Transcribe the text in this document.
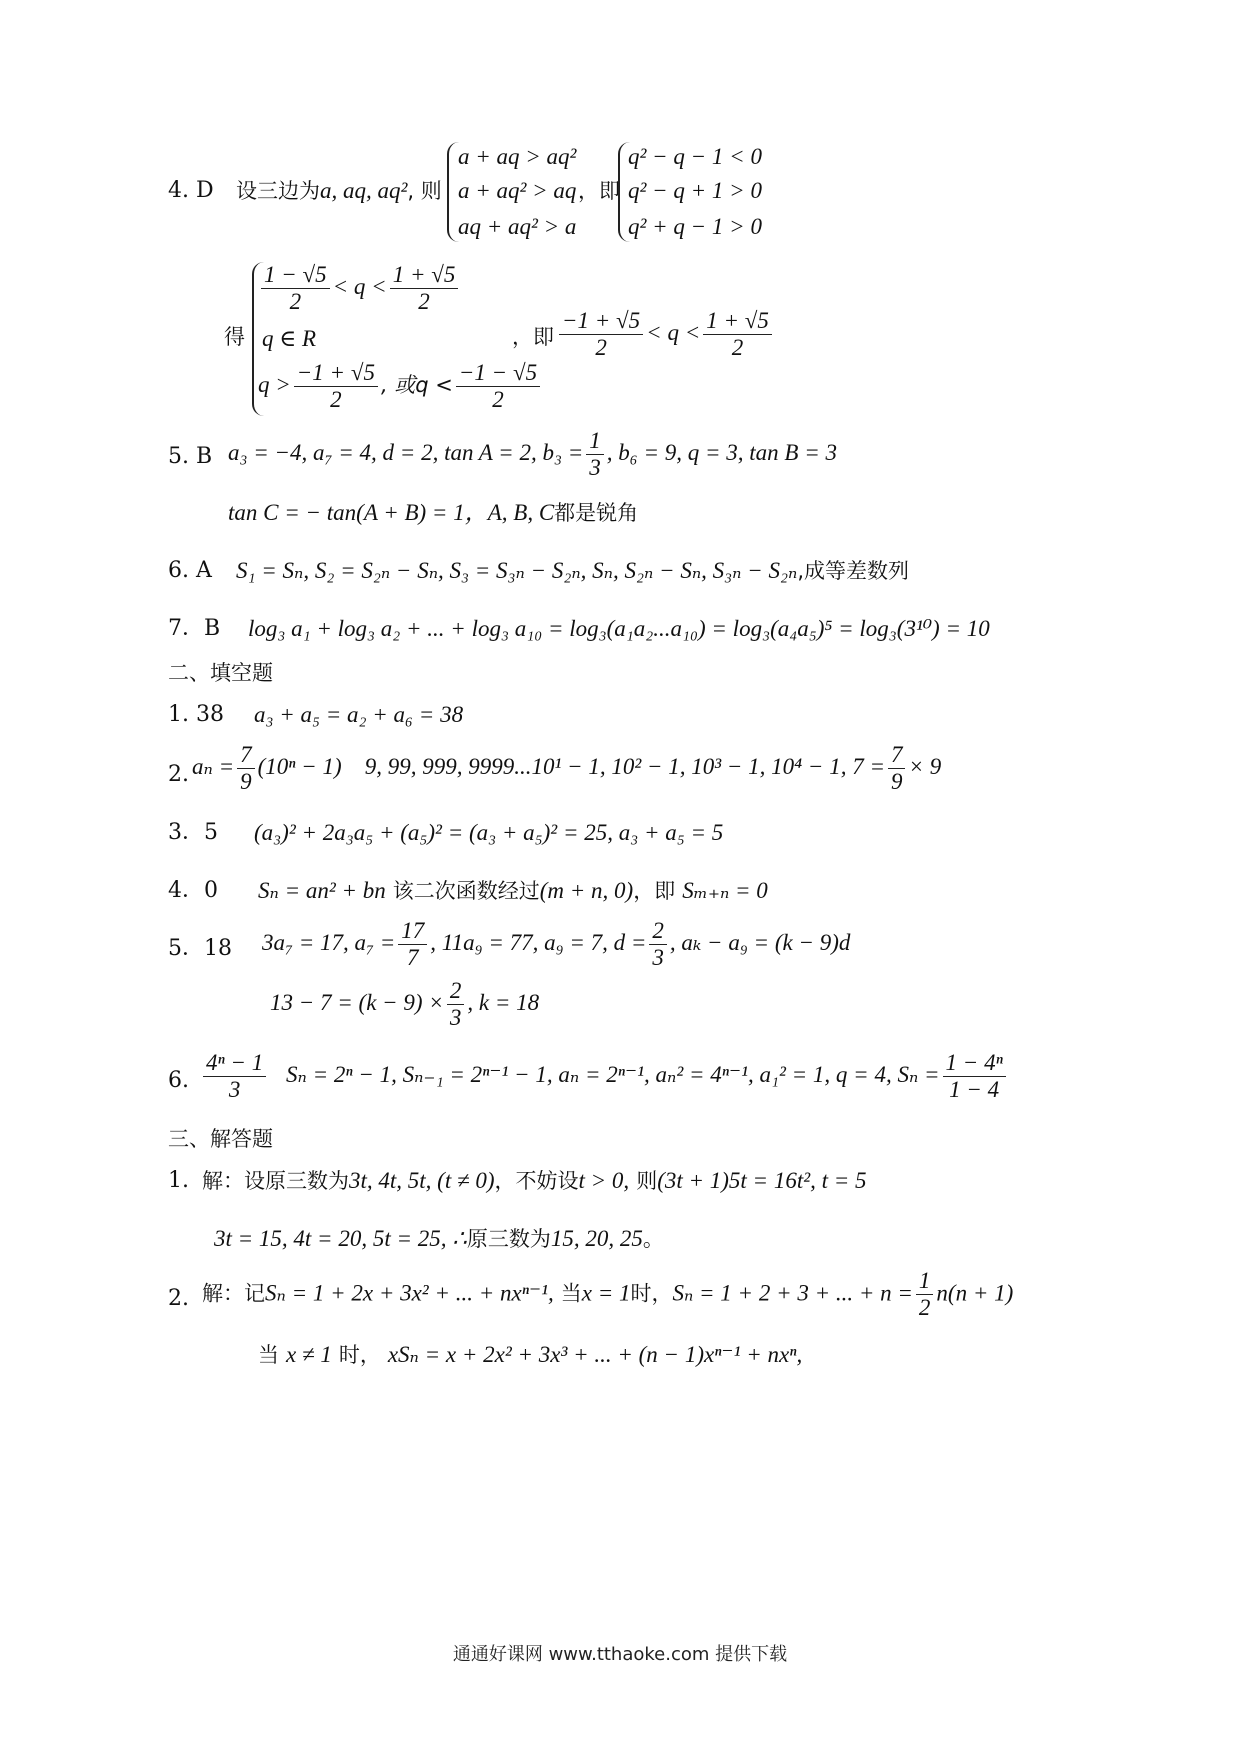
4. D 设三边为a, aq, aq², 则
a + aq > aq²
a + aq² > aq
aq + aq² > a
，即
q² − q − 1 < 0
q² − q + 1 > 0
q² + q − 1 > 0
得
$\frac{1 - √5}{2} < q < \frac{1 + √5}{2}$
q ∈ R
$q > \frac{-1 + √5}{2}$ , 或$q < \frac{-1 - √5}{2}$
，即 $\frac{-1 + √5}{2} < q < \frac{1 + √5}{2}$
5. B a₃ = −4, a₇ = 4, d = 2, tan A = 2, $b_3 = \frac{1}{3}$ , b₆ = 9, q = 3, tan B = 3
tan C = − tan(A + B) = 1，A, B, C都是锐角
6. A S₁ = Sₙ, S₂ = S₂ₙ − Sₙ, S₃ = S₃ₙ − S₂ₙ, Sₙ, S₂ₙ − Sₙ, S₃ₙ − S₂ₙ,成等差数列
7．B log₃ a₁ + log₃ a₂ + ... + log₃ a₁₀ = log₃(a₁a₂...a₁₀) = log₃(a₄a₅)⁵ = log₃(3¹⁰) = 10
二、填空题
1. 38 a₃ + a₅ = a₂ + a₆ = 38
2. $a_n = \frac{7}{9} (10^n - 1)$ 9, 99, 999, 9999...10¹ − 1, 10² − 1, 10³ − 1, 10⁴ − 1, $7 = \frac{7}{9} \times 9$
3．5 (a₃)² + 2a₃a₅ + (a₅)² = (a₃ + a₅)² = 25, a₃ + a₅ = 5
4．0 Sₙ = an² + bn 该二次函数经过(m + n, 0)，即 Sₘ₊ₙ = 0
5．18 3a₇ = 17, $a_7 = \frac{17}{7}$ , 11a₉ = 77, a₉ = 7, $d = \frac{2}{3}$ , aₖ − a₉ = (k − 9)d
$13 - 7 = (k - 9) \times \frac{2}{3}$ , k = 18
6. $\frac{\text{4ⁿ − 1}}{3}$ Sₙ = 2ⁿ − 1, Sₙ₋₁ = 2ⁿ⁻¹ − 1, aₙ = 2ⁿ⁻¹, aₙ² = 4ⁿ⁻¹, a₁² = 1, q = 4, $S_n = \frac{\text{1 − 4ⁿ}}{1 - 4}$
三、解答题
1. 解：设原三数为3t, 4t, 5t, (t ≠ 0)，不妨设t > 0, 则(3t + 1)5t = 16t², t = 5
3t = 15, 4t = 20, 5t = 25, ∴原三数为15, 20, 25。
2. 解：记Sₙ = 1 + 2x + 3x² + ... + nxⁿ⁻¹, 当x = 1时，Sₙ = 1 + 2 + 3 + ... + $n = \frac{1}{2} n(n + 1)$
当 x ≠ 1 时， xSₙ = x + 2x² + 3x³ + ... + (n − 1)xⁿ⁻¹ + nxⁿ,
通通好课网 www.tthaoke.com 提供下载
